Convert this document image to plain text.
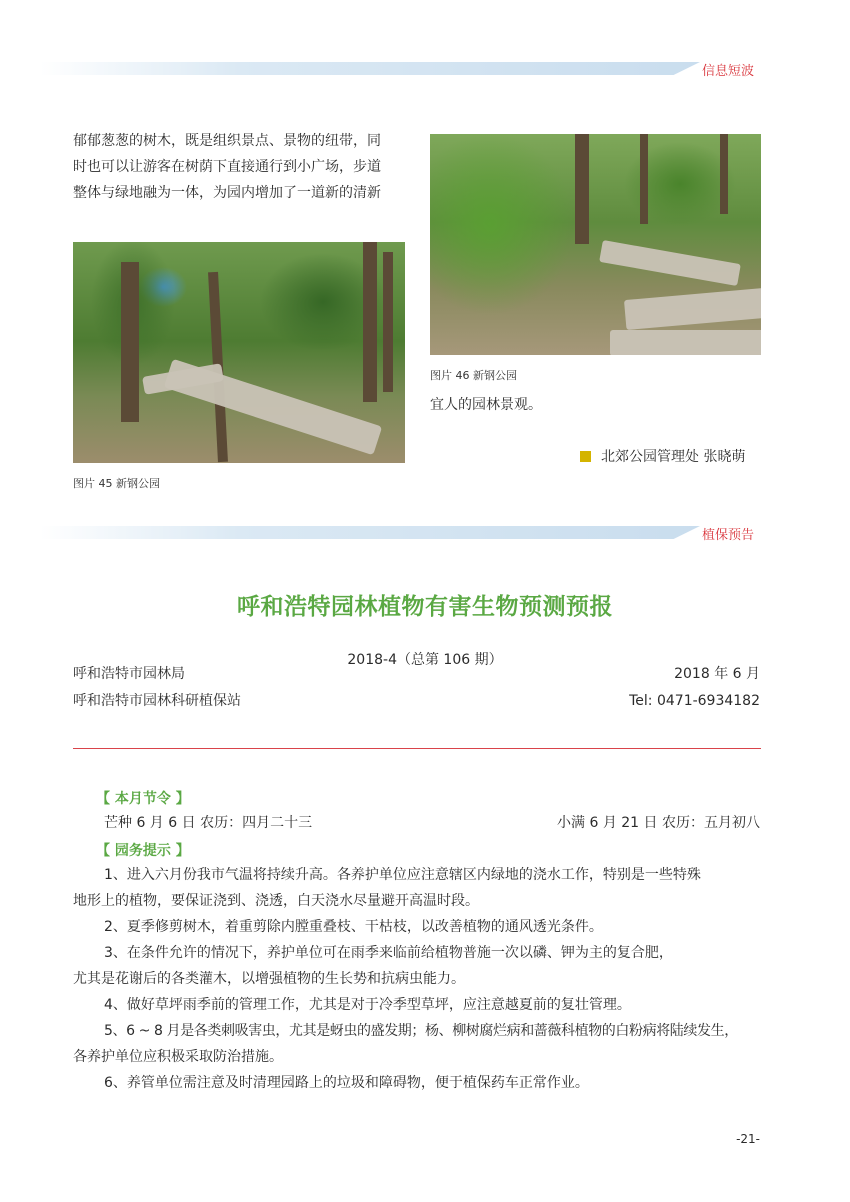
信息短波
郁郁葱葱的树木，既是组织景点、景物的纽带，同
时也可以让游客在树荫下直接通行到小广场，步道
整体与绿地融为一体，为园内增加了一道新的清新
图片 45 新钢公园
图片 46 新钢公园
宜人的园林景观。
北郊公园管理处 张晓萌
植保预告
呼和浩特园林植物有害生物预测预报
2018-4（总第 106 期）
呼和浩特市园林局	2018 年 6 月
呼和浩特市园林科研植保站	Tel: 0471-6934182
【 本月节令 】
芒种 6 月 6 日 农历：四月二十三	小满 6 月 21 日 农历：五月初八
【 园务提示 】
1、进入六月份我市气温将持续升高。各养护单位应注意辖区内绿地的浇水工作，特别是一些特殊
地形上的植物，要保证浇到、浇透，白天浇水尽量避开高温时段。
2、夏季修剪树木，着重剪除内膛重叠枝、干枯枝，以改善植物的通风透光条件。
3、在条件允许的情况下，养护单位可在雨季来临前给植物普施一次以磷、钾为主的复合肥，
尤其是花谢后的各类灌木，以增强植物的生长势和抗病虫能力。
4、做好草坪雨季前的管理工作，尤其是对于冷季型草坪，应注意越夏前的复壮管理。
5、6 ~ 8 月是各类刺吸害虫，尤其是蚜虫的盛发期；杨、柳树腐烂病和蔷薇科植物的白粉病将陆续发生，
各养护单位应积极采取防治措施。
6、养管单位需注意及时清理园路上的垃圾和障碍物，便于植保药车正常作业。
-21-
